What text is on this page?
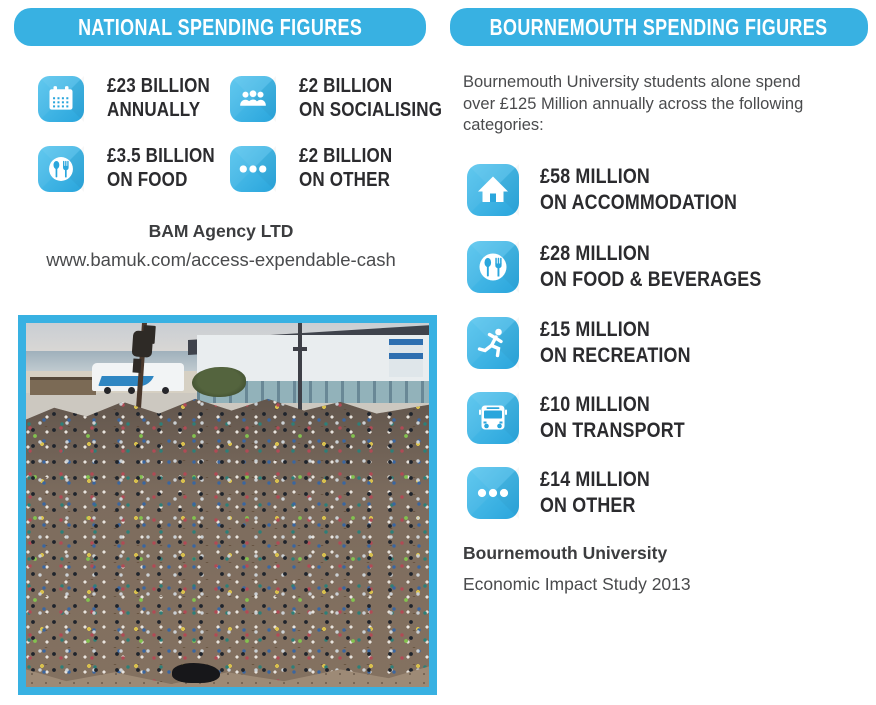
NATIONAL SPENDING FIGURES	BOURNEMOUTH SPENDING FIGURES
£23 BILLION
ANNUALLY
£2 BILLION
ON SOCIALISING
£3.5 BILLION
ON FOOD
£2 BILLION
ON OTHER
BAM Agency LTD
www.bamuk.com/access-expendable-cash
Bournemouth University students alone spend
over £125 Million annually across the following
categories:
£58 MILLION
ON ACCOMMODATION
£28 MILLION
ON FOOD & BEVERAGES
£15 MILLION
ON RECREATION
£10 MILLION
ON TRANSPORT
£14 MILLION
ON OTHER
Bournemouth University
Economic Impact Study 2013
